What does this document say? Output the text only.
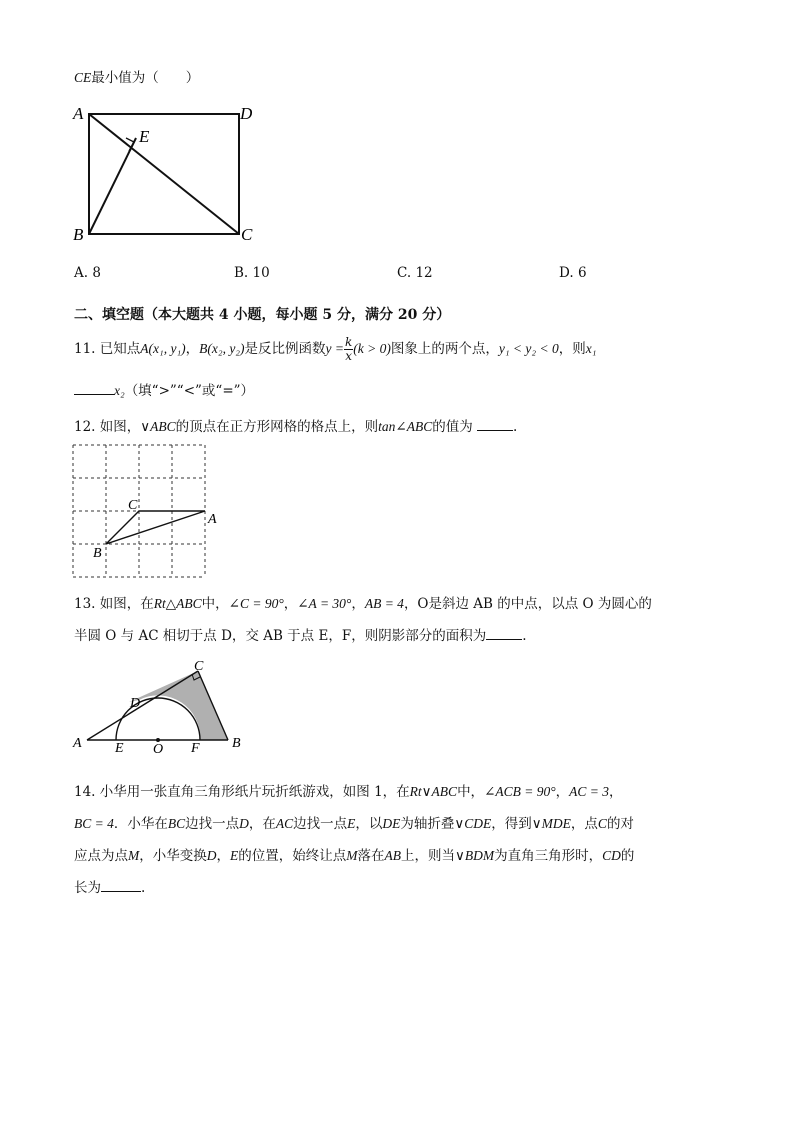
CE最小值为（　　）
A	D
E
B	C
A. 8	B. 10	C. 12	D. 6
二、填空题（本大题共 4 小题，每小题 5 分，满分 20 分）
11. 已知点A(x₁, y₁)，B(x₂, y₂)是反比例函数$y = \frac{k}{x} (k > 0)$图象上的两个点，y₁ < y₂ < 0，则x₁
x₂（填“>”“<”或“=”）
12. 如图，∨ABC的顶点在正方形网格的格点上，则tan∠ABC的值为	.
C
A
B
13. 如图，在Rt△ABC中，∠C = 90°，∠A = 30°，AB = 4，O是斜边 AB 的中点，以点 O 为圆心的
半圆 O 与 AC 相切于点 D，交 AB 于点 E，F，则阴影部分的面积为	.
C
D
A	B
E O F
14. 小华用一张直角三角形纸片玩折纸游戏，如图 1，在Rt∨ABC中，∠ACB = 90°，AC = 3，
BC = 4．小华在BC边找一点D，在AC边找一点E，以DE为轴折叠∨CDE，得到∨MDE，点C的对
应点为点M，小华变换D，E的位置，始终让点M落在AB上，则当∨BDM为直角三角形时，CD的
长为	.
